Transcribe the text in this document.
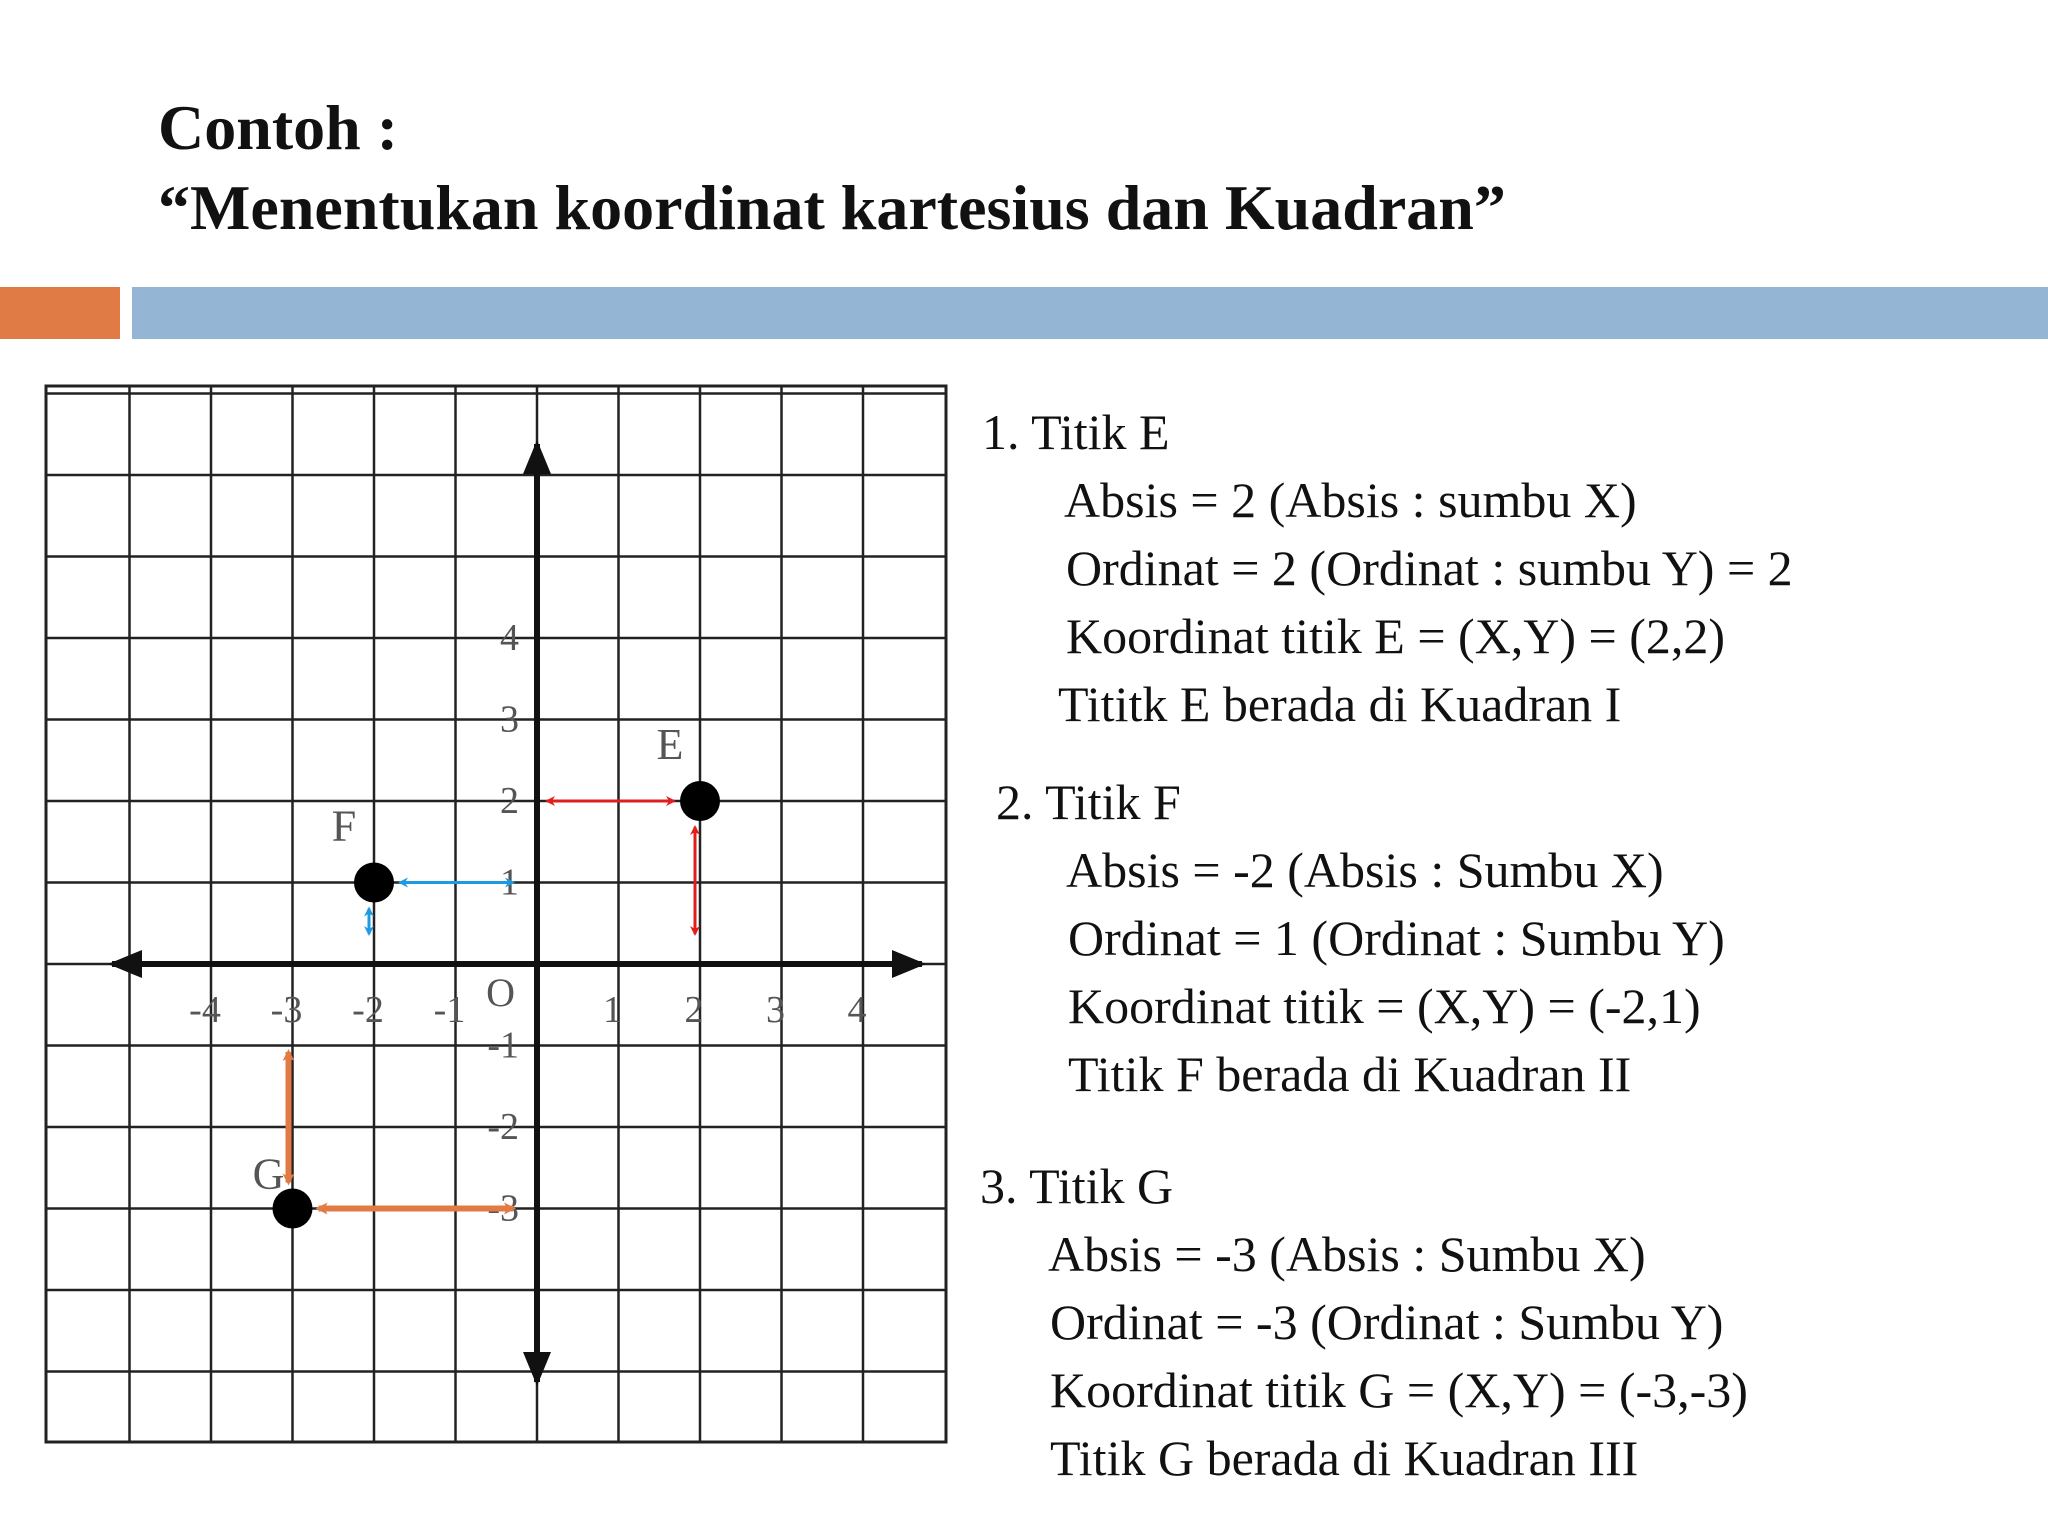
Contoh :
“Menentukan koordinat kartesius dan Kuadran”
-4 -3 -2 -1	1 2 3 4
4
3
2
1
-1
-2
-3
O
E
F
G
1. Titik E
Absis = 2 (Absis : sumbu X)
Ordinat = 2 (Ordinat : sumbu Y) = 2
Koordinat titik E = (X,Y) = (2,2)
Tititk E berada di Kuadran I
2. Titik F
Absis = -2 (Absis : Sumbu X)
Ordinat = 1 (Ordinat : Sumbu Y)
Koordinat titik = (X,Y) = (-2,1)
Titik F berada di Kuadran II
3. Titik G
Absis = -3 (Absis : Sumbu X)
Ordinat = -3 (Ordinat : Sumbu Y)
Koordinat titik G = (X,Y) = (-3,-3)
Titik G berada di Kuadran III
